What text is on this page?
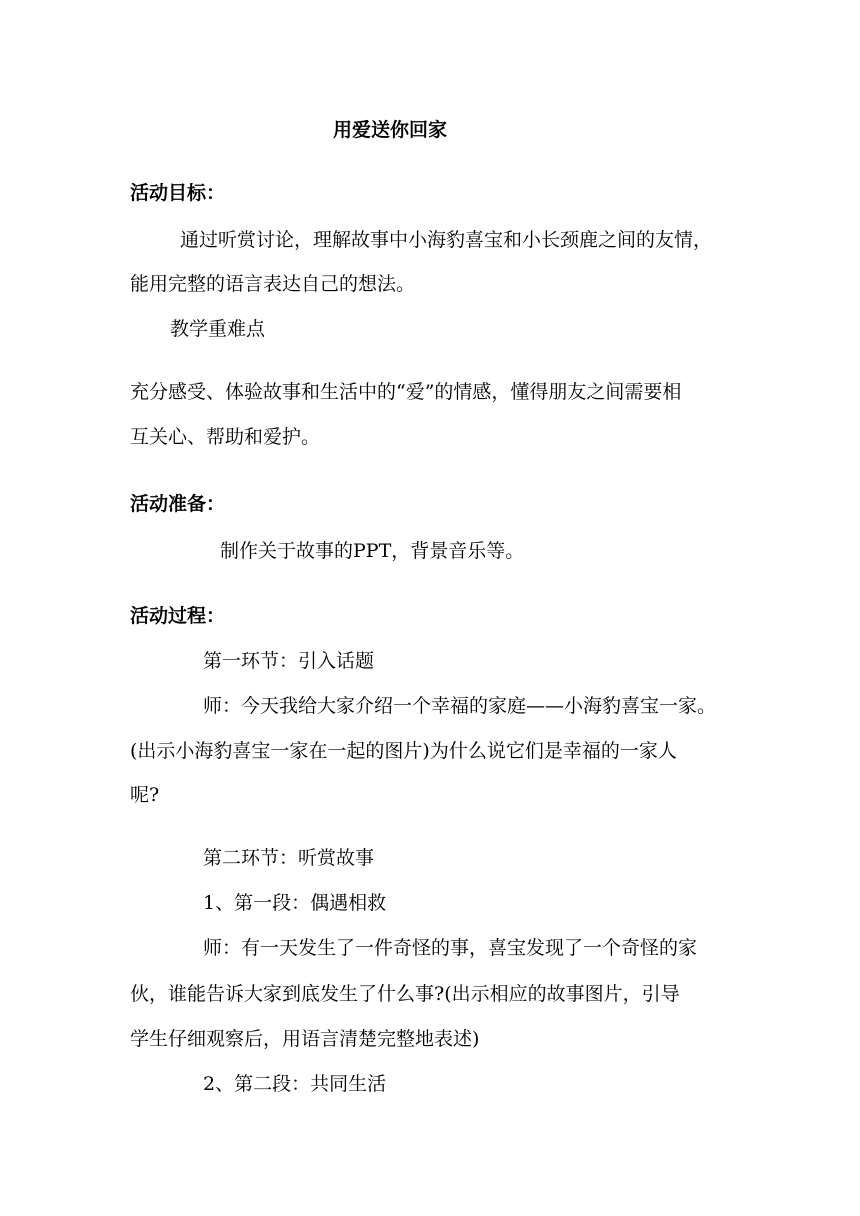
用爱送你回家
活动目标：
通过听赏讨论，理解故事中小海豹喜宝和小长颈鹿之间的友情，
能用完整的语言表达自己的想法。
教学重难点
充分感受、体验故事和生活中的“爱”的情感，懂得朋友之间需要相
互关心、帮助和爱护。
活动准备：
制作关于故事的PPT，背景音乐等。
活动过程：
第一环节：引入话题
师：今天我给大家介绍一个幸福的家庭——小海豹喜宝一家。
(出示小海豹喜宝一家在一起的图片)为什么说它们是幸福的一家人
呢?
第二环节：听赏故事
1、第一段：偶遇相救
师：有一天发生了一件奇怪的事，喜宝发现了一个奇怪的家
伙，谁能告诉大家到底发生了什么事?(出示相应的故事图片，引导
学生仔细观察后，用语言清楚完整地表述)
2、第二段：共同生活
